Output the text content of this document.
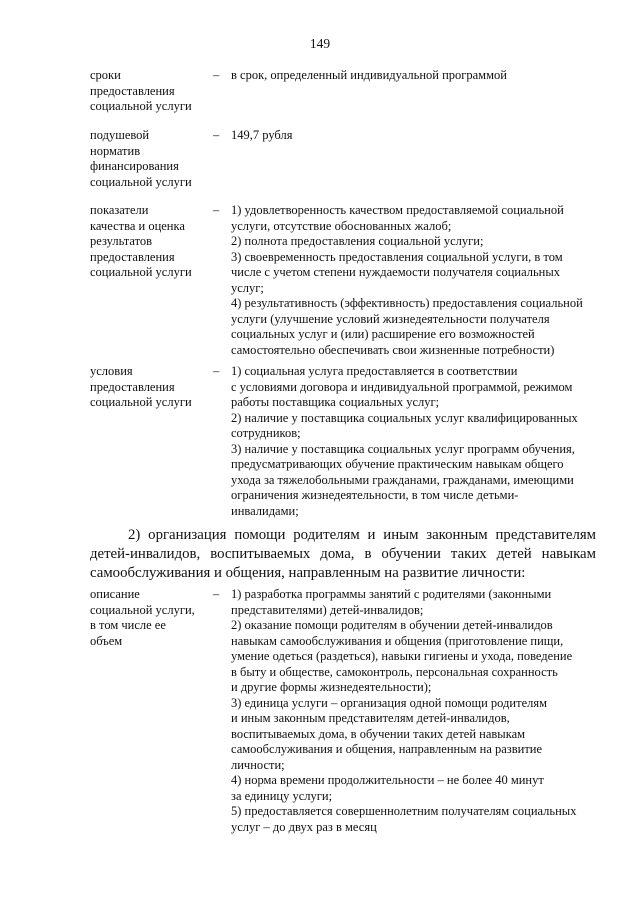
149
сроки
предоставления
социальной услуги
– в срок, определенный индивидуальной программой
подушевой
норматив
финансирования
социальной услуги
– 149,7 рубля
показатели
качества и оценка
результатов
предоставления
социальной услуги
– 1) удовлетворенность качеством предоставляемой социальной
услуги, отсутствие обоснованных жалоб;
2) полнота предоставления социальной услуги;
3) своевременность предоставления социальной услуги, в том
числе с учетом степени нуждаемости получателя социальных
услуг;
4) результативность (эффективность) предоставления социальной
услуги (улучшение условий жизнедеятельности получателя
социальных услуг и (или) расширение его возможностей
самостоятельно обеспечивать свои жизненные потребности)
условия
предоставления
социальной услуги
– 1) социальная услуга предоставляется в соответствии
с условиями договора и индивидуальной программой, режимом
работы поставщика социальных услуг;
2) наличие у поставщика социальных услуг квалифицированных
сотрудников;
3) наличие у поставщика социальных услуг программ обучения,
предусматривающих обучение практическим навыкам общего
ухода за тяжелобольными гражданами, гражданами, имеющими
ограничения жизнедеятельности, в том числе детьми-
инвалидами;
2) организация помощи родителям и иным законным представителям детей-инвалидов, воспитываемых дома, в обучении таких детей навыкам самообслуживания и общения, направленным на развитие личности:
описание
социальной услуги,
в том числе ее
объем
– 1) разработка программы занятий с родителями (законными
представителями) детей-инвалидов;
2) оказание помощи родителям в обучении детей-инвалидов
навыкам самообслуживания и общения (приготовление пищи,
умение одеться (раздеться), навыки гигиены и ухода, поведение
в быту и обществе, самоконтроль, персональная сохранность
и другие формы жизнедеятельности);
3) единица услуги – организация одной помощи родителям
и иным законным представителям детей-инвалидов,
воспитываемых дома, в обучении таких детей навыкам
самообслуживания и общения, направленным на развитие
личности;
4) норма времени продолжительности – не более 40 минут
за единицу услуги;
5) предоставляется совершеннолетним получателям социальных
услуг – до двух раз в месяц
